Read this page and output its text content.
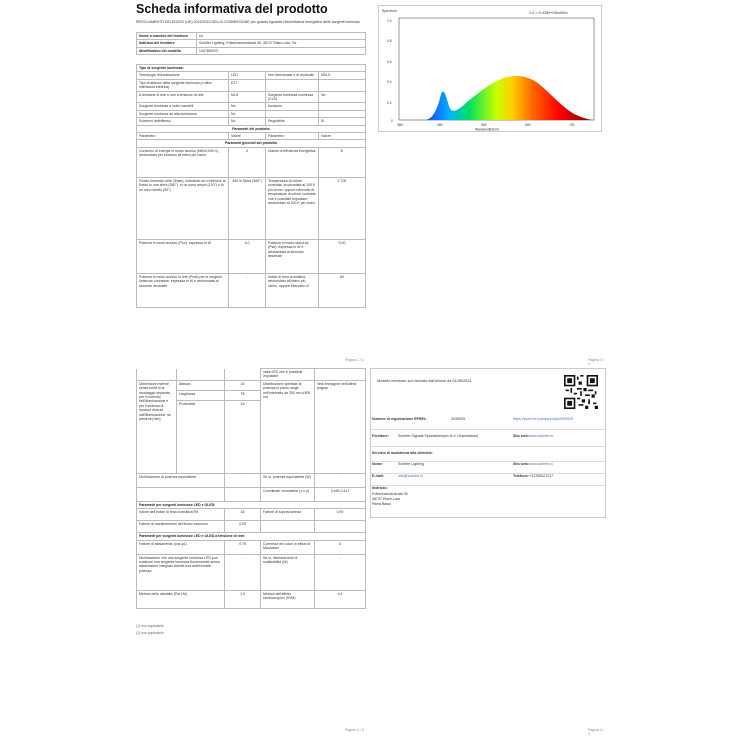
Scheda informativa del prodotto
REGOLAMENTO DELEGATO (UE) 2019/2015 DELLA COMMISSIONE per quanto riguarda l'etichettatura energetica delle sorgenti luminose
Nome o marchio del fornitore	sh
Indirizzo del fornitore	Schefer Lighting, Pottenhaeuerstraat 35, 48737 Elsen-Laur, NL
Identificativo del modello	1347890437
Tipo di sorgente luminosa:			
Tecnologia d'illuminazione	LED	Non direzionale o di rezionale	NDLS
Tipo di attacco della sorgente luminosa (o altra interfaccia elettrica)	E27		
A tensione di rete o non a tensione di rete	MLS	Sorgente luminosa connessa (CLS)	No
Sorgente luminosa a colori variabili	No	Involucro	
Sorgente luminosa ad alta luminanza	No		
Schermo antiriflesso	No	Regolabile	Sì
Parametri del prodotto			
Parametro	Valore	Parametro	Valore
Parametri generali del prodotto			
Consumo di energia in modo acceso (kWh/1000 h), arrotondato per eccesso all'intero più vicino	4	Classe di efficienza energetica	E
Flusso luminoso utile (Φuse), indicando se si riferisce al flusso in una sfera (360°), in un cono ampio (120°) o in un cono stretto (90°)	450 in Sfera (360°)	Temperatura di colore correlata, arrotondata al 100 K più vicino, oppure intervallo di temperature di colore correlate che è possibile impostare, arrotondato al 100 K più vicino	2 700
Potenza in modo acceso (Pon), espressa in W	4,0	Potenza in modo stand-by (Psb), espressa in W e arrotondata al secondo decimale	0,00
Potenza in modo acceso in rete (Pnet) per le sorgenti luminose connesse, espressa in W e arrotondata al secondo decimale	-	Indice di resa cromatica, arrotondato all'intero più vicino, oppure intervallo di	80
Pagina 1 / 4
			valori IRC che è possibile impostare	
Dimensioni esterne senza unità di al montaggio separata, per il controllo dell'illuminazione e per il sistema di funzioni diverse dall'illuminazione, se presenti (mm)	Altezza	16	Distribuzione spettrale di potenza in pieno range nell'intervallo da 250 nm a 800 nm	Vedi immagine nell'ultima pagina
	Larghezza	78		
	Profondità	16		
Dichiarazione di potenza equivalente		-	Se sì, potenza equivalente (W)	-
			Coordinate cromatiche (x e y)	0,463 0,417
Parametri per sorgenti luminose LED e OLED:				
Valore dell'indice di resa cromatica R9		18	Fattore di sopravvivenza	0,90
Fattore di mantenimento del flusso luminoso		0,93		
Parametri per sorgenti luminose LED e OLED a tensione di rete:				
Fattore di sfasamento (cos φ1)		0,75	Coerenza dei colori in ellissi di MacAdam	6
Dichiarazione che una sorgente luminosa LED può sostituire una sorgente luminosa fluorescente senza alimentatore integrato avente una determinata potenza		-	Se sì, dichiarazione di sostituibilità (W)	-
Metrica dello sfarfallio (Pst LM)		1,0	Metrica dell'effetto stroboscopico (SVM)	0,4
(1) non applicabile
(2) non applicabile
Pagina 2 / 4
Spectrum	1.0 = 0.439e+05mW/m
1.0
0.8
0.6
0.4
0.2
0
380	450	500	600	700
Wavelength[nm]
Pagina 4 / 4
Modello immesso sul mercato dall'azione da 01/05/2024
Numero di registrazione EPREL:	2039925	https://eprel.ec.europa.eu/qr/2039925
Fornitore:	Schefer Signaal Spezialtlampen B.V. (Importatore)	Sito web: www.schefer.nl
Servizio di assistenza alla clientela:
Nome:	Schefer Lighting	Sito web: www.schefer.nl
E-mail:	info@schefer.nl	Telefono: +31765027217
Indirizzo:
Pottenhaeuerstraat 35
48737 Elsen-Laur
Paesi Bassi
Pagina 3 / 4
